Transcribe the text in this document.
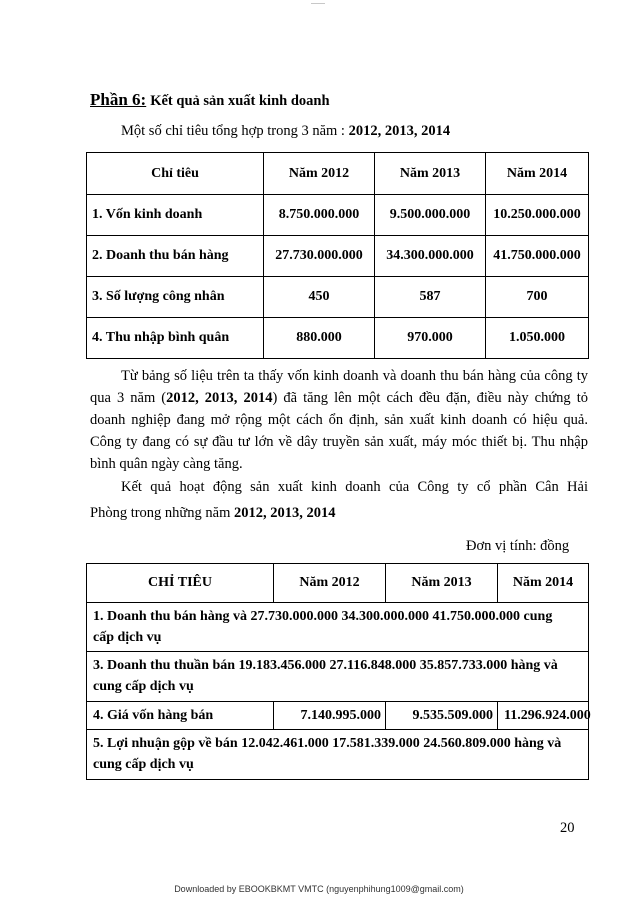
Phần 6: Kết quả sản xuất kinh doanh
Một số chỉ tiêu tổng hợp trong 3 năm : 2012, 2013, 2014
Chỉ tiêu	Năm 2012	Năm 2013	Năm 2014
1. Vốn kinh doanh	8.750.000.000	9.500.000.000	10.250.000.000
2. Doanh thu bán hàng	27.730.000.000	34.300.000.000	41.750.000.000
3. Số lượng công nhân	450	587	700
4. Thu nhập bình quân	880.000	970.000	1.050.000

Từ bảng số liệu trên ta thấy vốn kinh doanh và doanh thu bán hàng của công ty qua 3 năm (2012, 2013, 2014) đã tăng lên một cách đều đặn, điều này chứng tỏ doanh nghiệp đang mở rộng một cách ổn định, sản xuất kinh doanh có hiệu quả. Công ty đang có sự đầu tư lớn về dây truyền sản xuất, máy móc thiết bị. Thu nhập bình quân ngày càng tăng.

Kết quả hoạt động sản xuất kinh doanh của Công ty cổ phần Cân Hải
Phòng trong những năm 2012, 2013, 2014
Đơn vị tính: đồng
CHỈ TIÊU	Năm 2012	Năm 2013	Năm 2014

1. Doanh thu bán hàng và 27.730.000.000 34.300.000.000 41.750.000.000 cung
cấp dịch vụ			

3. Doanh thu thuần bán 19.183.456.000 27.116.848.000 35.857.733.000 hàng và
cung cấp dịch vụ			

4. Giá vốn hàng bán	7.140.995.000	9.535.509.000	11.296.924.000

5. Lợi nhuận gộp về bán 12.042.461.000 17.581.339.000 24.560.809.000 hàng và
cung cấp dịch vụ			
20
Downloaded by EBOOKBKMT VMTC (nguyenphihung1009@gmail.com)
